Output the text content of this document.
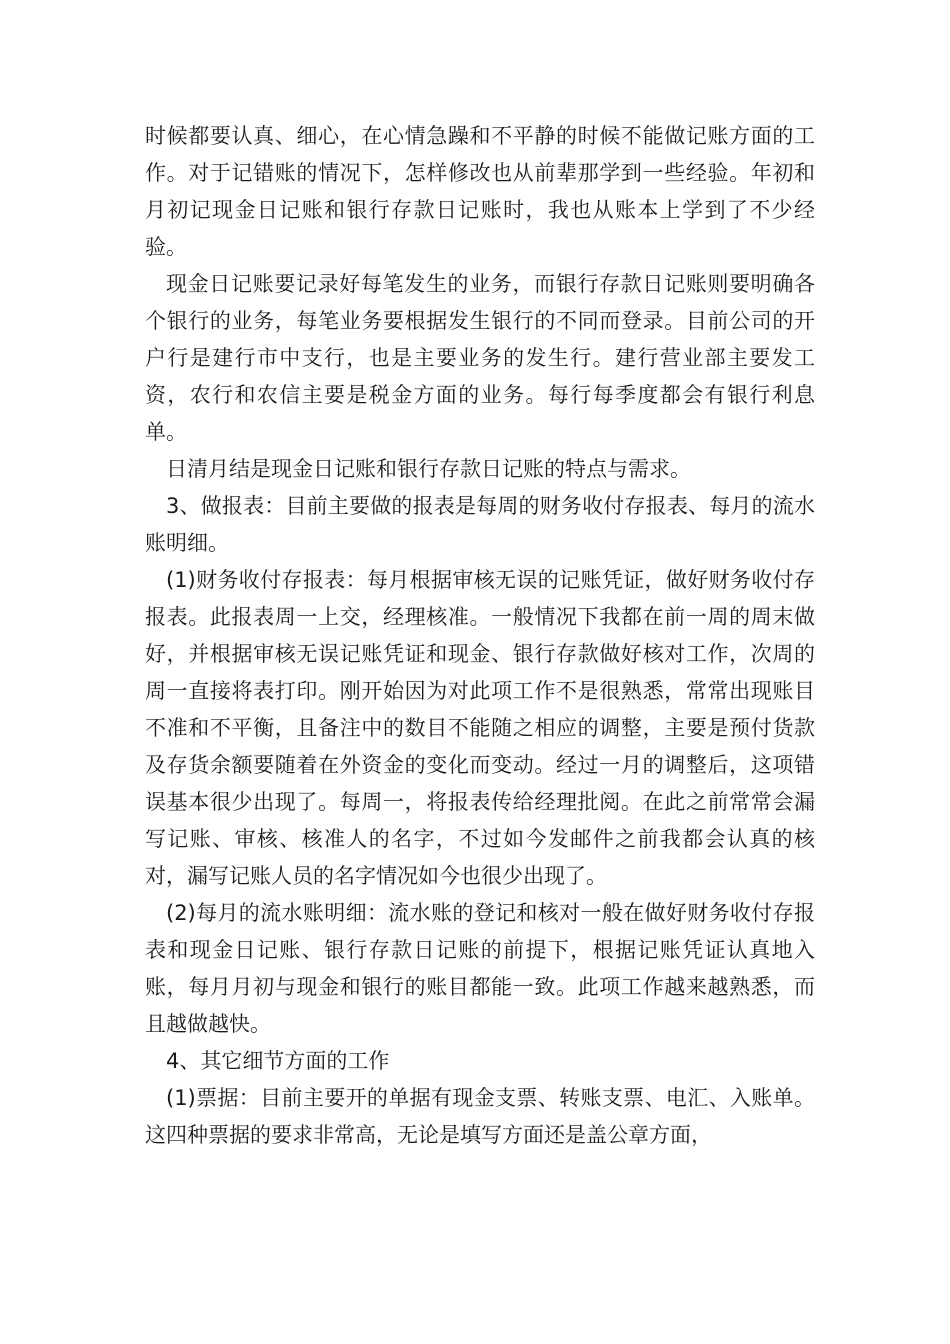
时候都要认真、细心，在心情急躁和不平静的时候不能做记账方面的工作。对于记错账的情况下，怎样修改也从前辈那学到一些经验。年初和月初记现金日记账和银行存款日记账时，我也从账本上学到了不少经验。

现金日记账要记录好每笔发生的业务，而银行存款日记账则要明确各个银行的业务，每笔业务要根据发生银行的不同而登录。目前公司的开户行是建行市中支行，也是主要业务的发生行。建行营业部主要发工资，农行和农信主要是税金方面的业务。每行每季度都会有银行利息单。

日清月结是现金日记账和银行存款日记账的特点与需求。

3、做报表：目前主要做的报表是每周的财务收付存报表、每月的流水账明细。

(1)财务收付存报表：每月根据审核无误的记账凭证，做好财务收付存报表。此报表周一上交，经理核准。一般情况下我都在前一周的周末做好，并根据审核无误记账凭证和现金、银行存款做好核对工作，次周的周一直接将表打印。刚开始因为对此项工作不是很熟悉，常常出现账目不准和不平衡，且备注中的数目不能随之相应的调整，主要是预付货款及存货余额要随着在外资金的变化而变动。经过一月的调整后，这项错误基本很少出现了。每周一，将报表传给经理批阅。在此之前常常会漏写记账、审核、核准人的名字，不过如今发邮件之前我都会认真的核对，漏写记账人员的名字情况如今也很少出现了。

(2)每月的流水账明细：流水账的登记和核对一般在做好财务收付存报表和现金日记账、银行存款日记账的前提下，根据记账凭证认真地入账，每月月初与现金和银行的账目都能一致。此项工作越来越熟悉，而且越做越快。

4、其它细节方面的工作

(1)票据：目前主要开的单据有现金支票、转账支票、电汇、入账单。这四种票据的要求非常高，无论是填写方面还是盖公章方面，
